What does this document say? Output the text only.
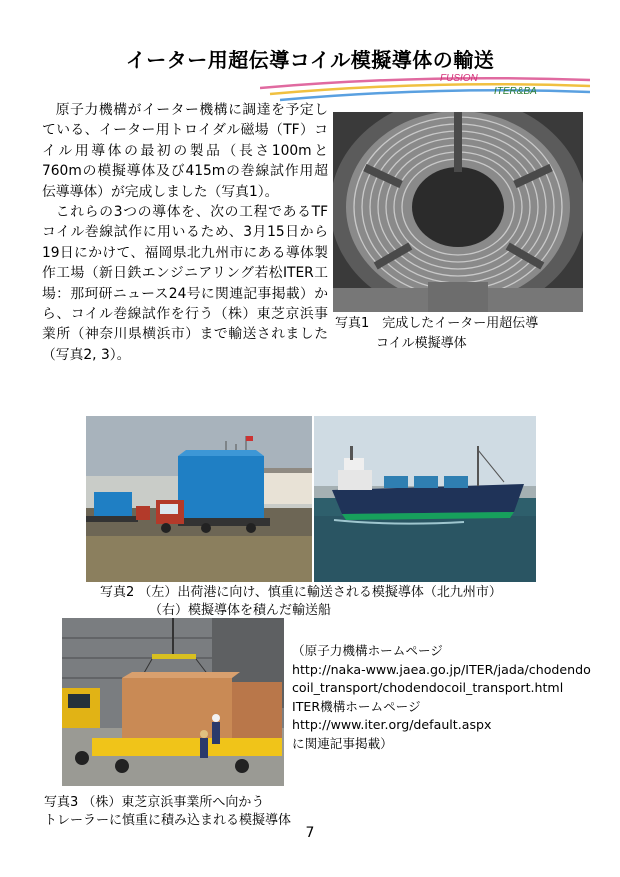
イーター用超伝導コイル模擬導体の輸送
FUSION
ITER&BA

原子力機構がイーター機構に調達を予定している、イーター用トロイダル磁場（TF）コイル用導体の最初の製品（長さ100mと760mの模擬導体及び415mの巻線試作用超伝導導体）が完成しました（写真1）。

これらの3つの導体を、次の工程であるTFコイル巻線試作に用いるため、3月15日から19日にかけて、福岡県北九州市にある導体製作工場（新日鉄エンジニアリング若松ITER工場：那珂研ニュース24号に関連記事掲載）から、コイル巻線試作を行う（株）東芝京浜事業所（神奈川県横浜市）まで輸送されました（写真2, 3）。

写真1　完成したイーター用超伝導
コイル模擬導体
写真2 （左）出荷港に向け、慎重に輸送される模擬導体（北九州市）
（右）模擬導体を積んだ輸送船
（原子力機構ホームページ
http://naka-www.jaea.go.jp/ITER/jada/chodendocoil_transport/chodendocoil_transport.html
ITER機構ホームページ
http://www.iter.org/default.aspx
に関連記事掲載）
写真3 （株）東芝京浜事業所へ向かう
トレーラーに慎重に積み込まれる模擬導体
7
